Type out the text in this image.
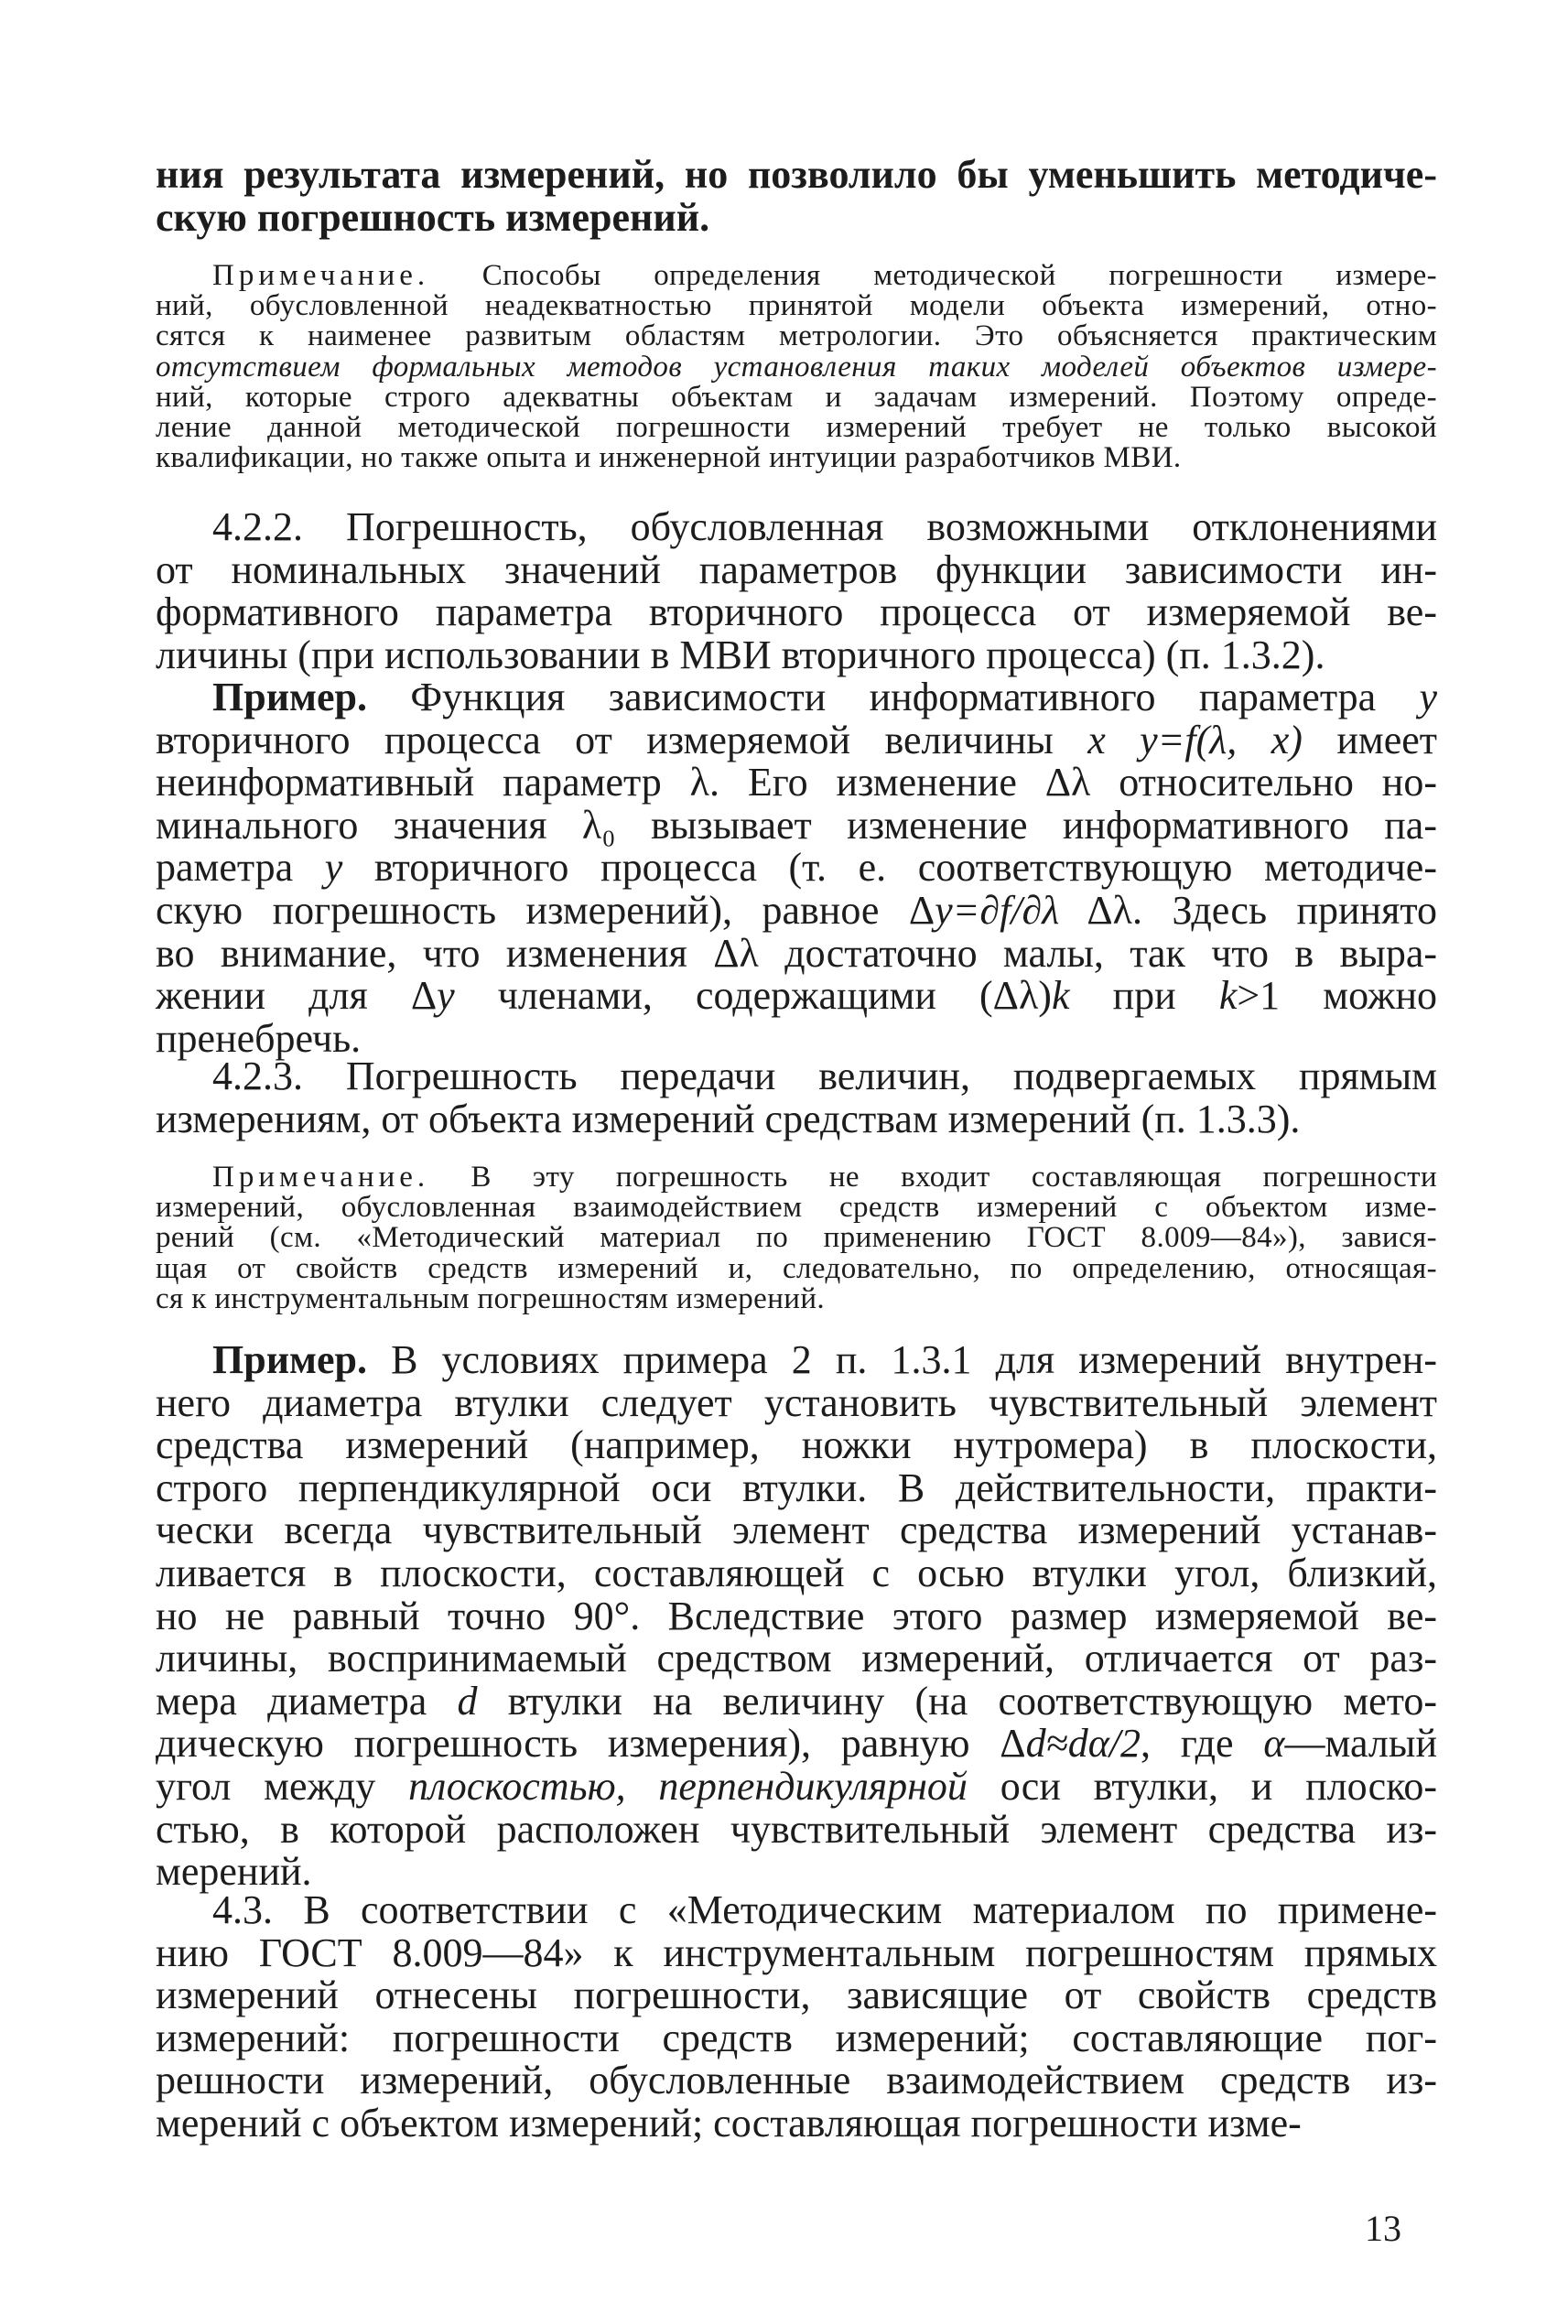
ния результата измерений, но позволило бы уменьшить методиче-
скую погрешность измерений.
Примечание. Способы определения методической погрешности измере-
ний, обусловленной неадекватностью принятой модели объекта измерений, отно-
сятся к наименее развитым областям метрологии. Это объясняется практическим
отсутствием формальных методов установления таких моделей объектов измере-
ний, которые строго адекватны объектам и задачам измерений. Поэтому опреде-
ление данной методической погрешности измерений требует не только высокой
квалификации, но также опыта и инженерной интуиции разработчиков МВИ.
4.2.2. Погрешность, обусловленная возможными отклонениями
от номинальных значений параметров функции зависимости ин-
формативного параметра вторичного процесса от измеряемой ве-
личины (при использовании в МВИ вторичного процесса) (п. 1.3.2).
Пример. Функция зависимости информативного параметра y
вторичного процесса от измеряемой величины x y=f(λ, x) имеет
неинформативный параметр λ. Его изменение Δλ относительно но-
минального значения λ₀ вызывает изменение информативного па-
раметра y вторичного процесса (т. е. соответствующую методиче-
скую погрешность измерений), равное Δy=∂f/∂λ Δλ. Здесь принято
во внимание, что изменения Δλ достаточно малы, так что в выра-
жении для Δy членами, содержащими (Δλ)k при k>1 можно
пренебречь.
4.2.3. Погрешность передачи величин, подвергаемых прямым
измерениям, от объекта измерений средствам измерений (п. 1.3.3).
Примечание. В эту погрешность не входит составляющая погрешности
измерений, обусловленная взаимодействием средств измерений с объектом изме-
рений (см. «Методический материал по применению ГОСТ 8.009—84»), завися-
щая от свойств средств измерений и, следовательно, по определению, относящая-
ся к инструментальным погрешностям измерений.
Пример. В условиях примера 2 п. 1.3.1 для измерений внутрен-
него диаметра втулки следует установить чувствительный элемент
средства измерений (например, ножки нутромера) в плоскости,
строго перпендикулярной оси втулки. В действительности, практи-
чески всегда чувствительный элемент средства измерений устанав-
ливается в плоскости, составляющей с осью втулки угол, близкий,
но не равный точно 90°. Вследствие этого размер измеряемой ве-
личины, воспринимаемый средством измерений, отличается от раз-
мера диаметра d втулки на величину (на соответствующую мето-
дическую погрешность измерения), равную Δd≈dα/2, где α—малый
угол между плоскостью, перпендикулярной оси втулки, и плоско-
стью, в которой расположен чувствительный элемент средства из-
мерений.
4.3. В соответствии с «Методическим материалом по примене-
нию ГОСТ 8.009—84» к инструментальным погрешностям прямых
измерений отнесены погрешности, зависящие от свойств средств
измерений: погрешности средств измерений; составляющие пог-
решности измерений, обусловленные взаимодействием средств из-
мерений с объектом измерений; составляющая погрешности изме-
13
